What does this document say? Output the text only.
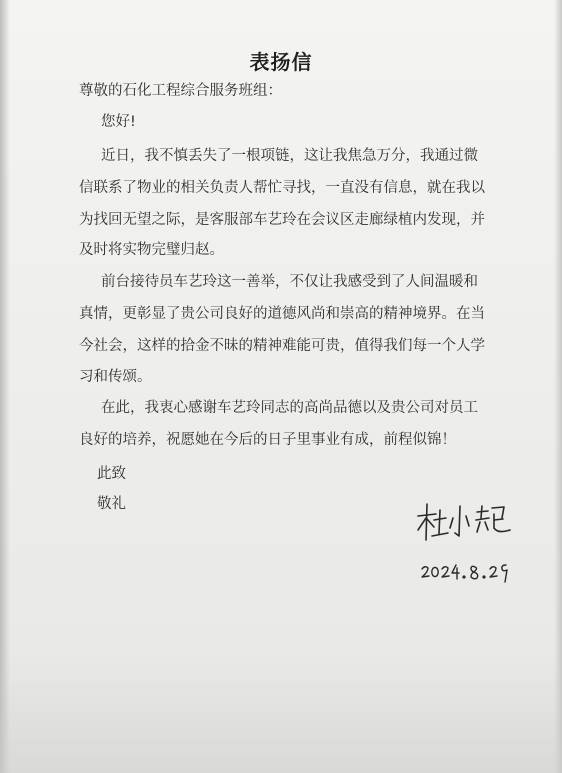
表扬信
尊敬的石化工程综合服务班组：
您好!
近日，我不慎丢失了一根项链，这让我焦急万分，我通过微
信联系了物业的相关负责人帮忙寻找，一直没有信息，就在我以
为找回无望之际，是客服部车艺玲在会议区走廊绿植内发现，并
及时将实物完璧归赵。
前台接待员车艺玲这一善举，不仅让我感受到了人间温暖和
真情，更彰显了贵公司良好的道德风尚和崇高的精神境界。在当
今社会，这样的拾金不昧的精神难能可贵，值得我们每一个人学
习和传颂。
在此，我衷心感谢车艺玲同志的高尚品德以及贵公司对员工
良好的培养，祝愿她在今后的日子里事业有成，前程似锦！
此致
敬礼
